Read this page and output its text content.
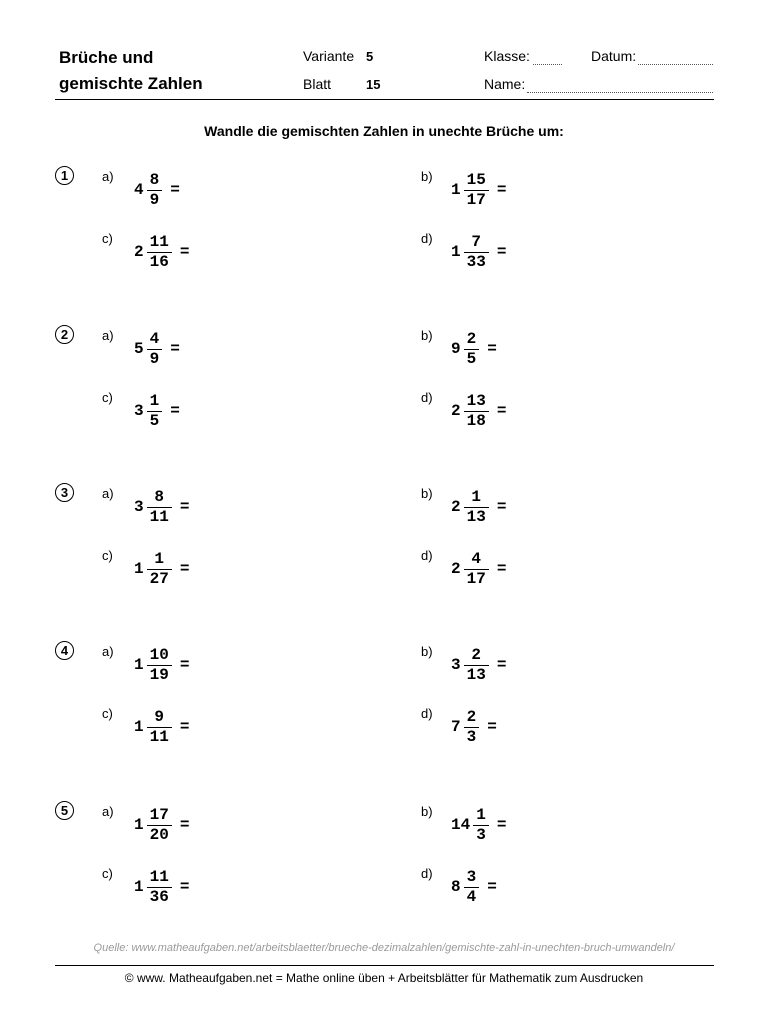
Brüche und
gemischte Zahlen
Variante 5
Blatt	15
Klasse:	Datum:
Name:
Wandle die gemischten Zahlen in unechte Brüche um:
1	a)
$4 \frac{8}{9}$ =
b)
$1 \frac{15}{17}$ =
c)
$2 \frac{11}{16}$ =
d)
$1 \frac{7}{33}$ =
2	a)
$5 \frac{4}{9}$ =
b)
$9 \frac{2}{5}$ =
c)
$3 \frac{1}{5}$ =
d)
$2 \frac{13}{18}$ =
3	a)
$3 \frac{8}{11}$ =
b)
$2 \frac{1}{13}$ =
c)
$1 \frac{1}{27}$ =
d)
$2 \frac{4}{17}$ =
4	a)
$1 \frac{10}{19}$ =
b)
$3 \frac{2}{13}$ =
c)
$1 \frac{9}{11}$ =
d)
$7 \frac{2}{3}$ =
5	a)
$1 \frac{17}{20}$ =
b)
$14 \frac{1}{3}$ =
c)
$1 \frac{11}{36}$ =
d)
$8 \frac{3}{4}$ =
Quelle: www.matheaufgaben.net/arbeitsblaetter/brueche-dezimalzahlen/gemischte-zahl-in-unechten-bruch-umwandeln/
© www. Matheaufgaben.net = Mathe online üben + Arbeitsblätter für Mathematik zum Ausdrucken
